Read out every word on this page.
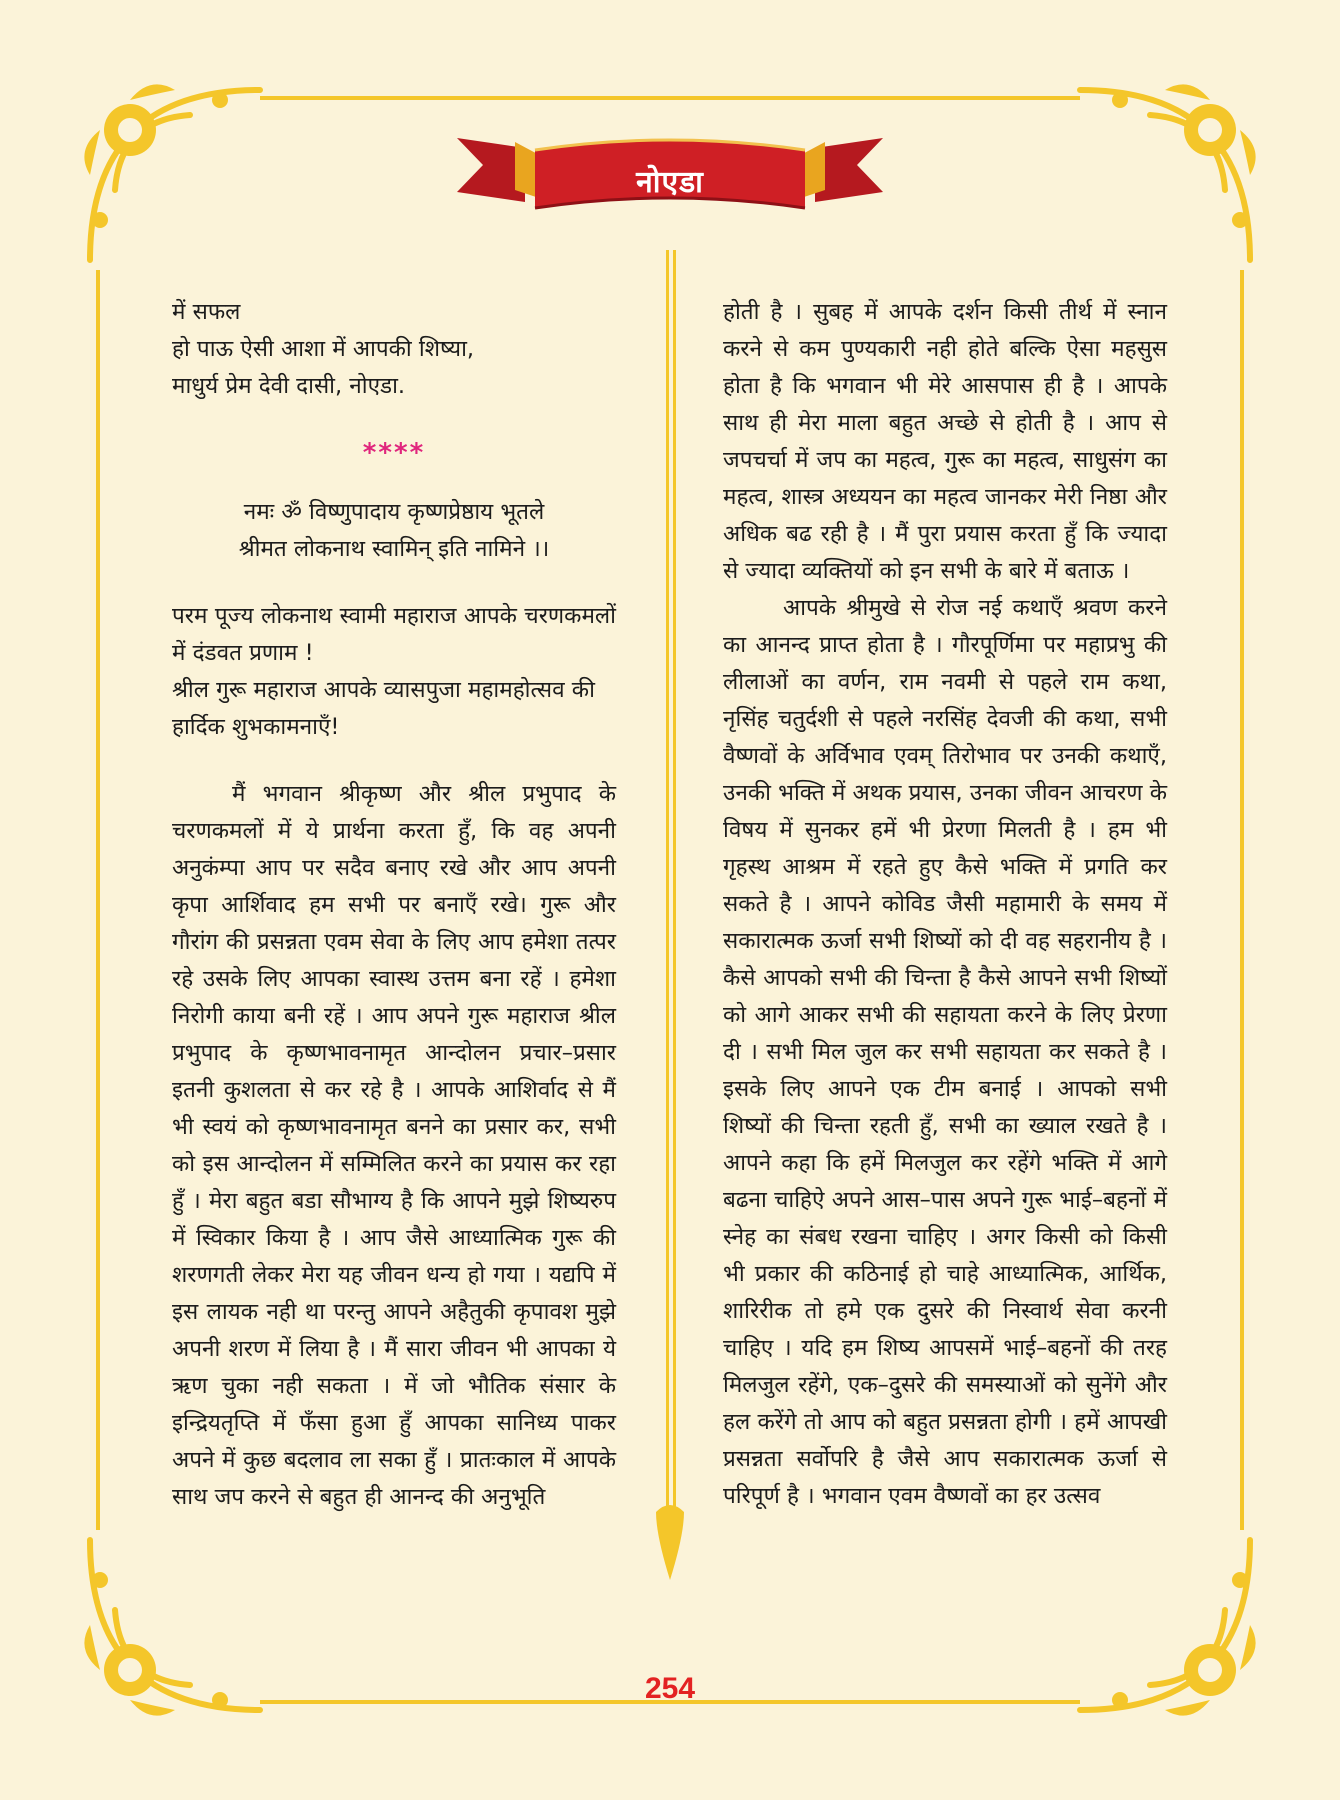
नोएडा
में सफल
हो पाऊ ऐसी आशा में आपकी शिष्या,
माधुर्य प्रेम देवी दासी, नोएडा.
****
नमः ॐ विष्णुपादाय कृष्णप्रेष्ठाय भूतले
श्रीमत लोकनाथ स्वामिन् इति नामिने ।।

परम पूज्य लोकनाथ स्वामी महाराज आपके चरणकमलों में दंडवत प्रणाम !

श्रील गुरू महाराज आपके व्यासपुजा महामहोत्सव की हार्दिक शुभकामनाएँ!

मैं भगवान श्रीकृष्ण और श्रील प्रभुपाद के चरणकमलों में ये प्रार्थना करता हुँ, कि वह अपनी अनुकंम्पा आप पर सदैव बनाए रखे और आप अपनी कृपा आर्शिवाद हम सभी पर बनाएँ रखे। गुरू और गौरांग की प्रसन्नता एवम सेवा के लिए आप हमेशा तत्पर रहे उसके लिए आपका स्वास्थ उत्तम बना रहें । हमेशा निरोगी काया बनी रहें । आप अपने गुरू महाराज श्रील प्रभुपाद के कृष्णभावनामृत आन्दोलन प्रचार–प्रसार इतनी कुशलता से कर रहे है । आपके आशिर्वाद से मैं भी स्वयं को कृष्णभावनामृत बनने का प्रसार कर, सभी को इस आन्दोलन में सम्मिलित करने का प्रयास कर रहा हुँ । मेरा बहुत बडा सौभाग्य है कि आपने मुझे शिष्यरुप में स्विकार किया है । आप जैसे आध्यात्मिक गुरू की शरणगती लेकर मेरा यह जीवन धन्य हो गया । यद्यपि में इस लायक नही था परन्तु आपने अहैतुकी कृपावश मुझे अपनी शरण में लिया है । मैं सारा जीवन भी आपका ये ऋण चुका नही सकता । में जो भौतिक संसार के इन्द्रियतृप्ति में फँसा हुआ हुँ आपका सानिध्य पाकर अपने में कुछ बदलाव ला सका हुँ । प्रातःकाल में आपके साथ जप करने से बहुत ही आनन्द की अनुभूति

होती है । सुबह में आपके दर्शन किसी तीर्थ में स्नान करने से कम पुण्यकारी नही होते बल्कि ऐसा महसुस होता है कि भगवान भी मेरे आसपास ही है । आपके साथ ही मेरा माला बहुत अच्छे से होती है । आप से जपचर्चा में जप का महत्व, गुरू का महत्व, साधुसंग का महत्व, शास्त्र अध्ययन का महत्व जानकर मेरी निष्ठा और अधिक बढ रही है । मैं पुरा प्रयास करता हुँ कि ज्यादा से ज्यादा व्यक्तियों को इन सभी के बारे में बताऊ ।

आपके श्रीमुखे से रोज नई कथाएँ श्रवण करने का आनन्द प्राप्त होता है । गौरपूर्णिमा पर महाप्रभु की लीलाओं का वर्णन, राम नवमी से पहले राम कथा, नृसिंह चतुर्दशी से पहले नरसिंह देवजी की कथा, सभी वैष्णवों के अर्विभाव एवम् तिरोभाव पर उनकी कथाएँ, उनकी भक्ति में अथक प्रयास, उनका जीवन आचरण के विषय में सुनकर हमें भी प्रेरणा मिलती है । हम भी गृहस्थ आश्रम में रहते हुए कैसे भक्ति में प्रगति कर सकते है । आपने कोविड जैसी महामारी के समय में सकारात्मक ऊर्जा सभी शिष्यों को दी वह सहरानीय है । कैसे आपको सभी की चिन्ता है कैसे आपने सभी शिष्यों को आगे आकर सभी की सहायता करने के लिए प्रेरणा दी । सभी मिल जुल कर सभी सहायता कर सकते है । इसके लिए आपने एक टीम बनाई । आपको सभी शिष्यों की चिन्ता रहती हुँ, सभी का ख्याल रखते है । आपने कहा कि हमें मिलजुल कर रहेंगे भक्ति में आगे बढना चाहिऐ अपने आस–पास अपने गुरू भाई–बहनों में स्नेह का संबध रखना चाहिए । अगर किसी को किसी भी प्रकार की कठिनाई हो चाहे आध्यात्मिक, आर्थिक, शारिरीक तो हमे एक दुसरे की निस्वार्थ सेवा करनी चाहिए । यदि हम शिष्य आपसमें भाई–बहनों की तरह मिलजुल रहेंगे, एक–दुसरे की समस्याओं को सुनेंगे और हल करेंगे तो आप को बहुत प्रसन्नता होगी । हमें आपखी प्रसन्नता सर्वोपरि है जैसे आप सकारात्मक ऊर्जा से परिपूर्ण है । भगवान एवम वैष्णवों का हर उत्सव

254
